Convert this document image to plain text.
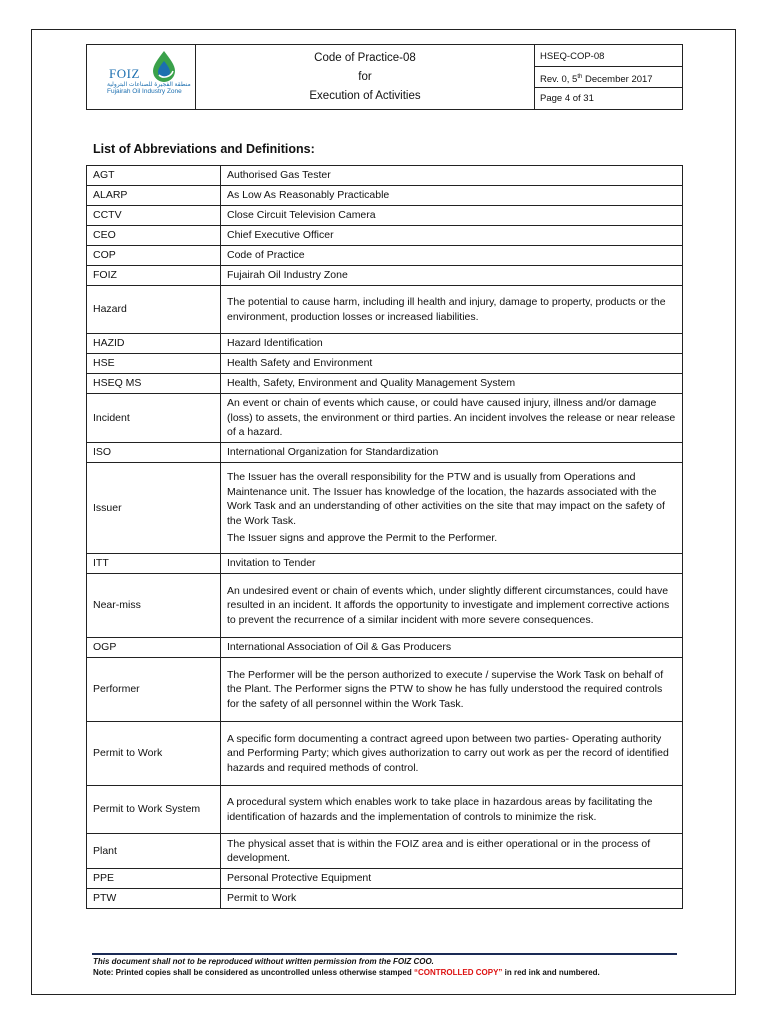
FOIZ
منطقة الفجيرة للصناعات البترولية
Fujairah Oil Industry Zone

Code of Practice-08
for
Execution of Activities

HSEQ-COP-08
Rev. 0, 5th December 2017
Page 4 of 31
List of Abbreviations and Definitions:
AGT	Authorised Gas Tester
ALARP	As Low As Reasonably Practicable
CCTV	Close Circuit Television Camera
CEO	Chief Executive Officer
COP	Code of Practice
FOIZ	Fujairah Oil Industry Zone
Hazard	The potential to cause harm, including ill health and injury, damage to property, products or the environment, production losses or increased liabilities.
HAZID	Hazard Identification
HSE	Health Safety and Environment
HSEQ MS	Health, Safety, Environment and Quality Management System
Incident	An event or chain of events which cause, or could have caused injury, illness and/or damage (loss) to assets, the environment or third parties. An incident involves the release or near release of a hazard.
ISO	International Organization for Standardization
Issuer	The Issuer has the overall responsibility for the PTW and is usually from Operations and Maintenance unit. The Issuer has knowledge of the location, the hazards associated with the Work Task and an understanding of other activities on the site that may impact on the safety of the Work Task.
The Issuer signs and approve the Permit to the Performer.

ITT	Invitation to Tender
Near-miss	An undesired event or chain of events which, under slightly different circumstances, could have resulted in an incident. It affords the opportunity to investigate and implement corrective actions to prevent the recurrence of a similar incident with more severe consequences.
OGP	International Association of Oil & Gas Producers
Performer	The Performer will be the person authorized to execute / supervise the Work Task on behalf of the Plant. The Performer signs the PTW to show he has fully understood the required controls for the safety of all personnel within the Work Task.
Permit to Work	A specific form documenting a contract agreed upon between two parties- Operating authority and Performing Party; which gives authorization to carry out work as per the record of identified hazards and required methods of control.
Permit to Work System	A procedural system which enables work to take place in hazardous areas by facilitating the identification of hazards and the implementation of controls to minimize the risk.
Plant	The physical asset that is within the FOIZ area and is either operational or in the process of development.
PPE	Personal Protective Equipment
PTW	Permit to Work
This document shall not to be reproduced without written permission from the FOIZ COO.
Note: Printed copies shall be considered as uncontrolled unless otherwise stamped “CONTROLLED COPY” in red ink and numbered.
